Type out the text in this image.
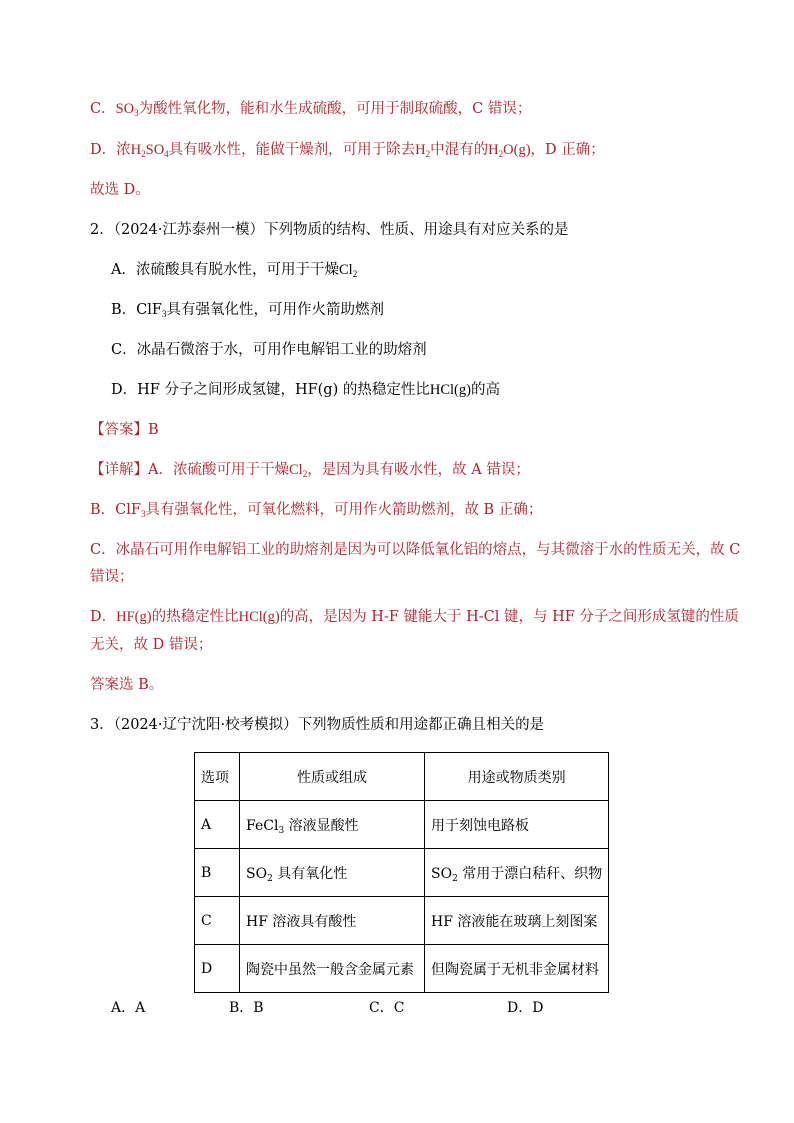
C．$SO_3$为酸性氧化物，能和水生成硫酸，可用于制取硫酸，C 错误；
D．浓$H_2SO_4$具有吸水性，能做干燥剂，可用于除去$H_2$中混有的$H_2O(g)$，D 正确；
故选 D。
2．（2024·江苏泰州一模）下列物质的结构、性质、用途具有对应关系的是
A．浓硫酸具有脱水性，可用于干燥$Cl_2$
B．ClF$_3$具有强氧化性，可用作火箭助燃剂
C．冰晶石微溶于水，可用作电解铝工业的助熔剂
D．HF 分子之间形成氢键，HF(g) 的热稳定性比HCl(g)的高
【答案】B
【详解】A．浓硫酸可用于干燥$Cl_2$，是因为具有吸水性，故 A 错误；
B．ClF$_3$具有强氧化性，可氧化燃料，可用作火箭助燃剂，故 B 正确；
C．冰晶石可用作电解铝工业的助熔剂是因为可以降低氧化铝的熔点，与其微溶于水的性质无关，故 C
错误；
D．HF(g)的热稳定性比HCl(g)的高，是因为 H-F 键能大于 H-Cl 键，与 HF 分子之间形成氢键的性质
无关，故 D 错误；
答案选 B。
3．（2024·辽宁沈阳·校考模拟）下列物质性质和用途都正确且相关的是
选项	性质或组成	用途或物质类别
A	FeCl$_3$ 溶液显酸性	用于刻蚀电路板
B	$SO_2$ 具有氧化性	$SO_2$ 常用于漂白秸秆、织物
C	HF 溶液具有酸性	HF 溶液能在玻璃上刻图案
D	陶瓷中虽然一般含金属元素	但陶瓷属于无机非金属材料
A．A	B．B	C．C	D．D
